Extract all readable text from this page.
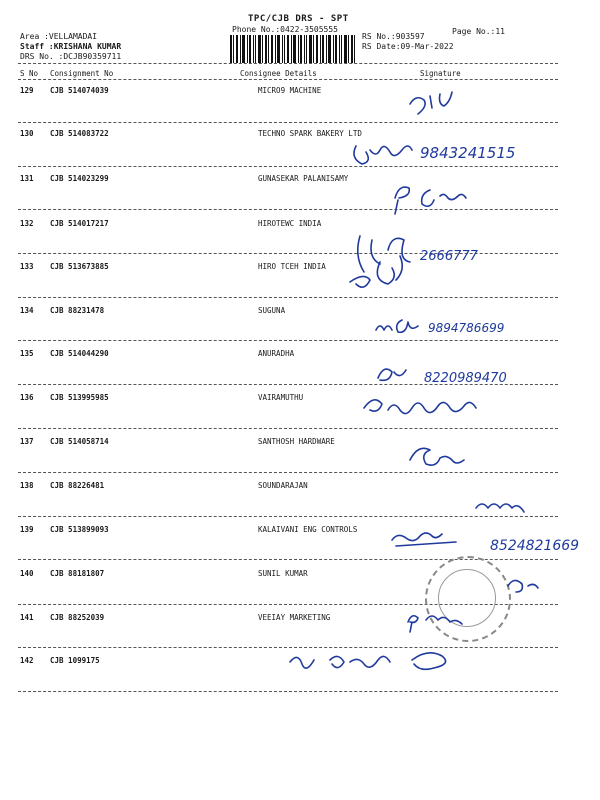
TPC/CJB DRS - SPT
Phone No.:0422-3505555	Page No.:11
Area :VELLAMADAI
Staff :KRISHANA KUMAR
DRS No. :DCJB90359711
RS No.:903597
RS Date:09-Mar-2022
S No Consignment No	Consignee Details	Signature
129 CJB 514074039	MICRO9 MACHINE
130 CJB 514083722	TECHNO SPARK BAKERY LTD
131 CJB 514023299	GUNASEKAR PALANISAMY
132 CJB 514017217	HIROTEWC INDIA
133 CJB 513673885	HIRO TCEH INDIA
134 CJB 88231478	SUGUNA
135 CJB 514044290	ANURADHA
136 CJB 513995985	VAIRAMUTHU
137 CJB 514058714	SANTHOSH HARDWARE
138 CJB 88226481	SOUNDARAJAN
139 CJB 513899093	KALAIVANI ENG CONTROLS
140 CJB 88181807	SUNIL KUMAR
141 CJB 88252039	VEEIAY MARKETING
142 CJB 1099175
9843241515
2666777
9894786699
8220989470
8524821669
